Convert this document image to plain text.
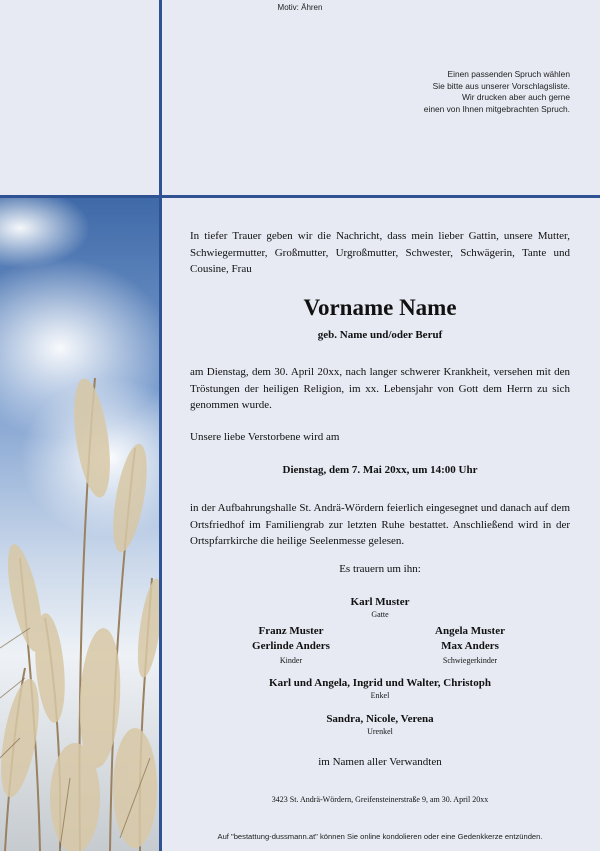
Motiv: Ähren
Einen passenden Spruch wählen
Sie bitte aus unserer Vorschlagsliste.
Wir drucken aber auch gerne
einen von Ihnen mitgebrachten Spruch.

In tiefer Trauer geben wir die Nachricht, dass mein lieber Gattin, unsere Mutter, Schwiegermutter, Großmutter, Urgroßmutter, Schwester, Schwägerin, Tante und Cousine, Frau

Vorname Name
geb. Name und/oder Beruf

am Dienstag, dem 30. April 20xx, nach langer schwerer Krankheit, versehen mit den Tröstungen der heiligen Religion, im xx. Lebensjahr von Gott dem Herrn zu sich genommen wurde.

Unsere liebe Verstorbene wird am
Dienstag, dem 7. Mai 20xx, um 14:00 Uhr

in der Aufbahrungshalle St. Andrä-Wördern feierlich eingesegnet und danach auf dem Ortsfriedhof im Familiengrab zur letzten Ruhe bestattet. Anschließend wird in der Ortspfarrkirche die heilige Seelenmesse gelesen.

Es trauern um ihn:
Karl Muster
Gatte
Franz Muster
Gerlinde Anders
Kinder
Angela Muster
Max Anders
Schwiegerkinder
Karl und Angela, Ingrid und Walter, Christoph
Enkel
Sandra, Nicole, Verena
Urenkel
im Namen aller Verwandten
3423 St. Andrä-Wördern, Greifensteinerstraße 9, am 30. April 20xx
Auf "bestattung-dussmann.at" können Sie online kondolieren oder eine Gedenkkerze entzünden.
